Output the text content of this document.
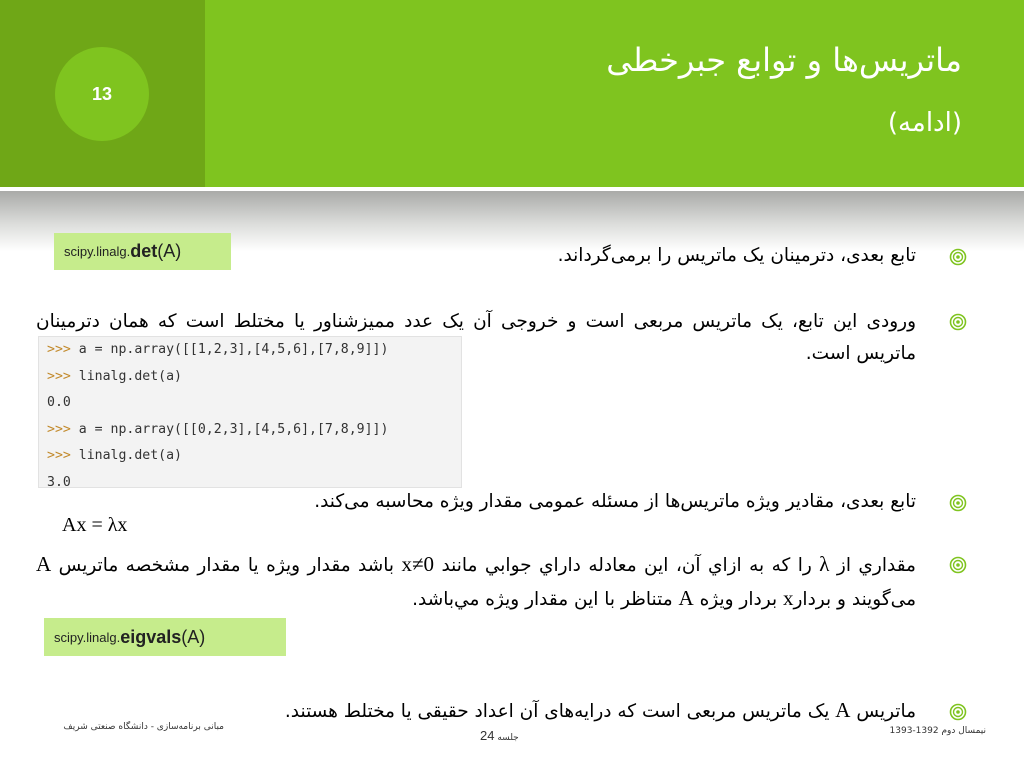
13
ماتریس‌ها و توابع جبرخطی
(ادامه)
scipy.linalg. det (A)	تابع بعدی، دترمینان یک ماتریس را برمی‌گرداند.
ورودی این تابع، یک ماتریس مربعی است و خروجی آن یک عدد ممیزشناور یا مختلط است که همان دترمینان ماتریس است.
>>> a = np.array([[1,2,3],[4,5,6],[7,8,9]])
>>> linalg.det(a)
0.0
>>> a = np.array([[0,2,3],[4,5,6],[7,8,9]])
>>> linalg.det(a)
3.0
تابع بعدی، مقادیر ویژه ماتریس‌ها از مسئله عمومی مقدار ویژه محاسبه می‌کند.
Ax = λx
مقداري از λ را که به ازاي آن، این معادله داراي جوابي مانند x≠0 باشد مقدار ویژه یا مقدار مشخصه ماتریس A می‌گویند و بردارx بردار ویژه A متناظر با این مقدار ویژه مي‌باشد.
scipy.linalg. eigvals (A)
ماتریس A یک ماتریس مربعی است که درایه‌های آن اعداد حقیقی یا مختلط هستند.
مبانی برنامه‌سازی - دانشگاه صنعتی شریف
جلسه 24	نیمسال دوم 1393-1392
